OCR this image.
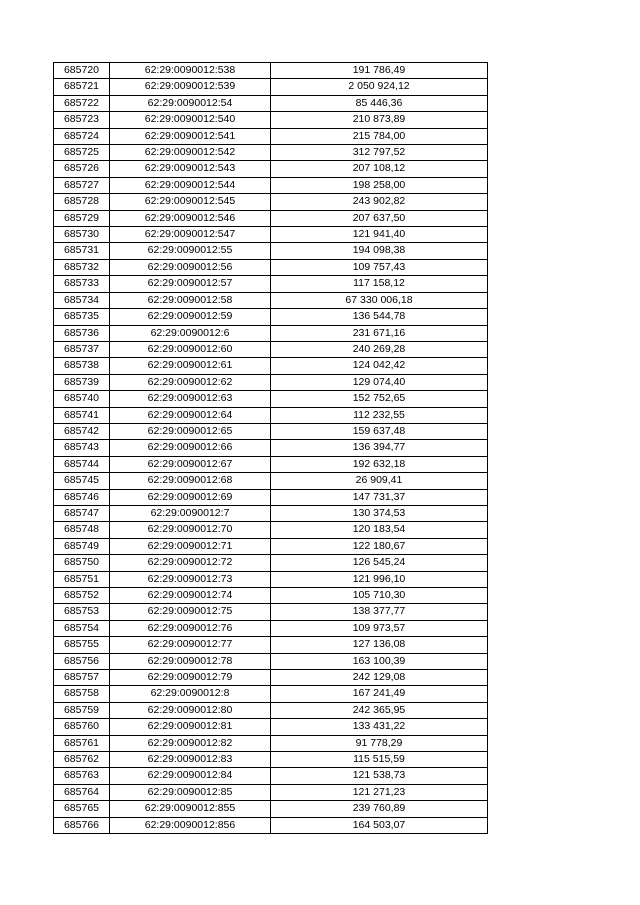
685720	62:29:0090012:538	191 786,49
685721	62:29:0090012:539	2 050 924,12
685722	62:29:0090012:54	85 446,36
685723	62:29:0090012:540	210 873,89
685724	62:29:0090012:541	215 784,00
685725	62:29:0090012:542	312 797,52
685726	62:29:0090012:543	207 108,12
685727	62:29:0090012:544	198 258,00
685728	62:29:0090012:545	243 902,82
685729	62:29:0090012:546	207 637,50
685730	62:29:0090012:547	121 941,40
685731	62:29:0090012:55	194 098,38
685732	62:29:0090012:56	109 757,43
685733	62:29:0090012:57	117 158,12
685734	62:29:0090012:58	67 330 006,18
685735	62:29:0090012:59	136 544,78
685736	62:29:0090012:6	231 671,16
685737	62:29:0090012:60	240 269,28
685738	62:29:0090012:61	124 042,42
685739	62:29:0090012:62	129 074,40
685740	62:29:0090012:63	152 752,65
685741	62:29:0090012:64	112 232,55
685742	62:29:0090012:65	159 637,48
685743	62:29:0090012:66	136 394,77
685744	62:29:0090012:67	192 632,18
685745	62:29:0090012:68	26 909,41
685746	62:29:0090012:69	147 731,37
685747	62:29:0090012:7	130 374,53
685748	62:29:0090012:70	120 183,54
685749	62:29:0090012:71	122 180,67
685750	62:29:0090012:72	126 545,24
685751	62:29:0090012:73	121 996,10
685752	62:29:0090012:74	105 710,30
685753	62:29:0090012:75	138 377,77
685754	62:29:0090012:76	109 973,57
685755	62:29:0090012:77	127 136,08
685756	62:29:0090012:78	163 100,39
685757	62:29:0090012:79	242 129,08
685758	62:29:0090012:8	167 241,49
685759	62:29:0090012:80	242 365,95
685760	62:29:0090012:81	133 431,22
685761	62:29:0090012:82	91 778,29
685762	62:29:0090012:83	115 515,59
685763	62:29:0090012:84	121 538,73
685764	62:29:0090012:85	121 271,23
685765	62:29:0090012:855	239 760,89
685766	62:29:0090012:856	164 503,07
